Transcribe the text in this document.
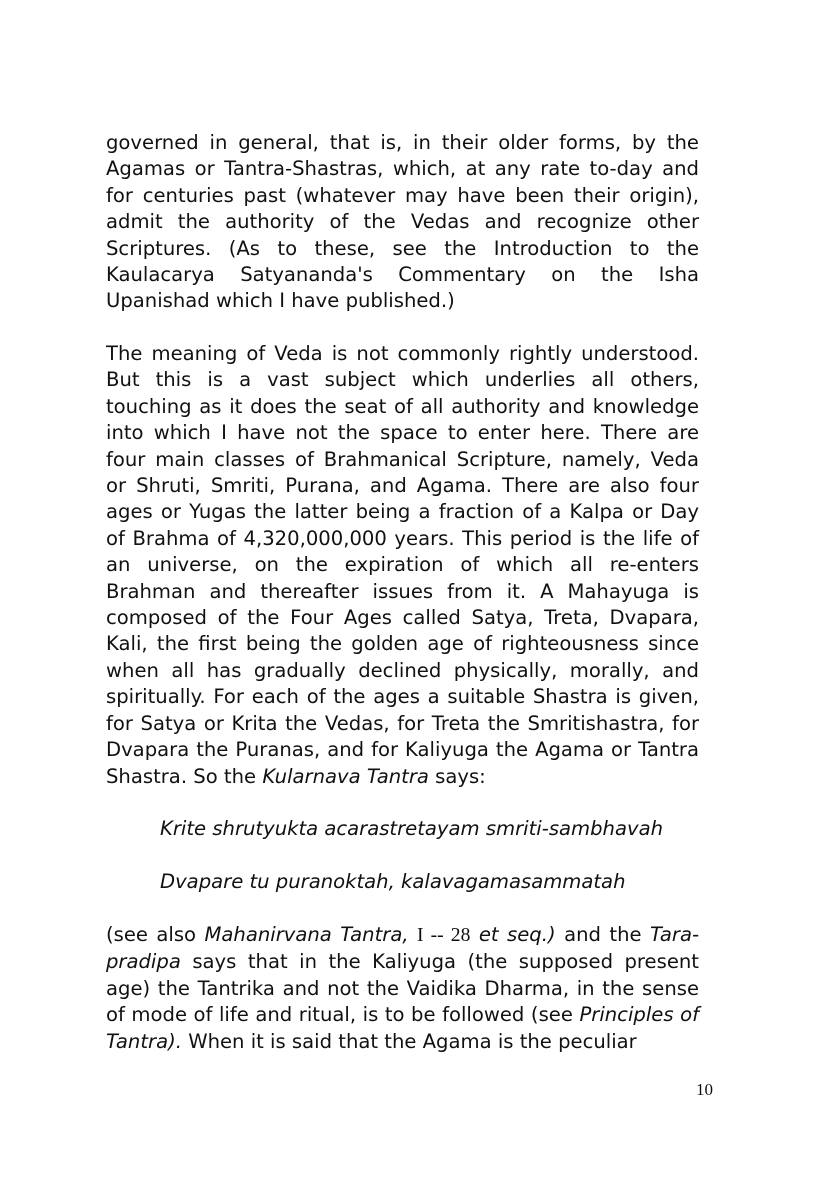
governed in general, that is, in their older forms, by the Agamas or Tantra-Shastras, which, at any rate to-day and for centuries past (whatever may have been their origin), admit the authority of the Vedas and recognize other Scriptures. (As to these, see the Introduction to the Kaulacarya Satyananda's Commentary on the Isha Upanishad which I have published.)

The meaning of Veda is not commonly rightly understood. But this is a vast subject which underlies all others, touching as it does the seat of all authority and knowledge into which I have not the space to enter here. There are four main classes of Brahmanical Scripture, namely, Veda or Shruti, Smriti, Purana, and Agama. There are also four ages or Yugas the latter being a fraction of a Kalpa or Day of Brahma of 4,320,000,000 years. This period is the life of an universe, on the expiration of which all re-enters Brahman and thereafter issues from it. A Mahayuga is composed of the Four Ages called Satya, Treta, Dvapara, Kali, the first being the golden age of righteousness since when all has gradually declined physically, morally, and spiritually. For each of the ages a suitable Shastra is given, for Satya or Krita the Vedas, for Treta the Smritishastra, for Dvapara the Puranas, and for Kaliyuga the Agama or Tantra Shastra. So the Kularnava Tantra says:

Krite shrutyukta acarastretayam smriti-sambhavah

Dvapare tu puranoktah, kalavagamasammatah

(see also Mahanirvana Tantra, I -- 28 et seq.) and the Tara-pradipa says that in the Kaliyuga (the supposed present age) the Tantrika and not the Vaidika Dharma, in the sense of mode of life and ritual, is to be followed (see Principles of Tantra). When it is said that the Agama is the peculiar

10
